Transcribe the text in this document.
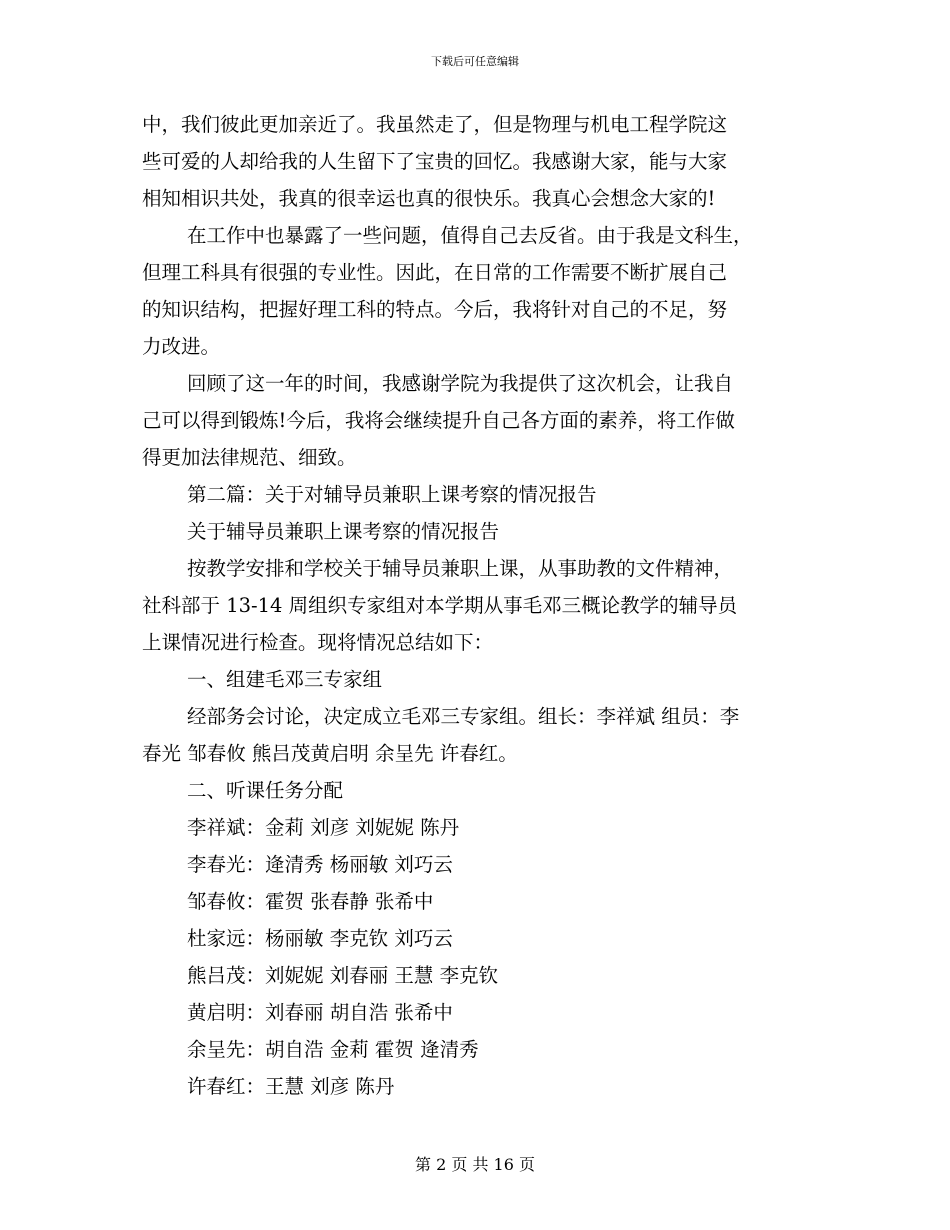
下载后可任意编辑
中，我们彼此更加亲近了。我虽然走了，但是物理与机电工程学院这
些可爱的人却给我的人生留下了宝贵的回忆。我感谢大家，能与大家
相知相识共处，我真的很幸运也真的很快乐。我真心会想念大家的!
在工作中也暴露了一些问题，值得自己去反省。由于我是文科生，
但理工科具有很强的专业性。因此，在日常的工作需要不断扩展自己
的知识结构，把握好理工科的特点。今后，我将针对自己的不足，努
力改进。
回顾了这一年的时间，我感谢学院为我提供了这次机会，让我自
己可以得到锻炼!今后，我将会继续提升自己各方面的素养，将工作做
得更加法律规范、细致。
第二篇：关于对辅导员兼职上课考察的情况报告
关于辅导员兼职上课考察的情况报告
按教学安排和学校关于辅导员兼职上课，从事助教的文件精神，
社科部于 13-14 周组织专家组对本学期从事毛邓三概论教学的辅导员
上课情况进行检查。现将情况总结如下：
一、组建毛邓三专家组
经部务会讨论，决定成立毛邓三专家组。组长：李祥斌 组员：李
春光 邹春攸 熊吕茂黄启明 余呈先 许春红。
二、听课任务分配
李祥斌：金莉 刘彦 刘妮妮 陈丹
李春光：逄清秀 杨丽敏 刘巧云
邹春攸：霍贺 张春静 张希中
杜家远：杨丽敏 李克钦 刘巧云
熊吕茂：刘妮妮 刘春丽 王慧 李克钦
黄启明：刘春丽 胡自浩 张希中
余呈先：胡自浩 金莉 霍贺 逄清秀
许春红：王慧 刘彦 陈丹
第 2 页 共 16 页
